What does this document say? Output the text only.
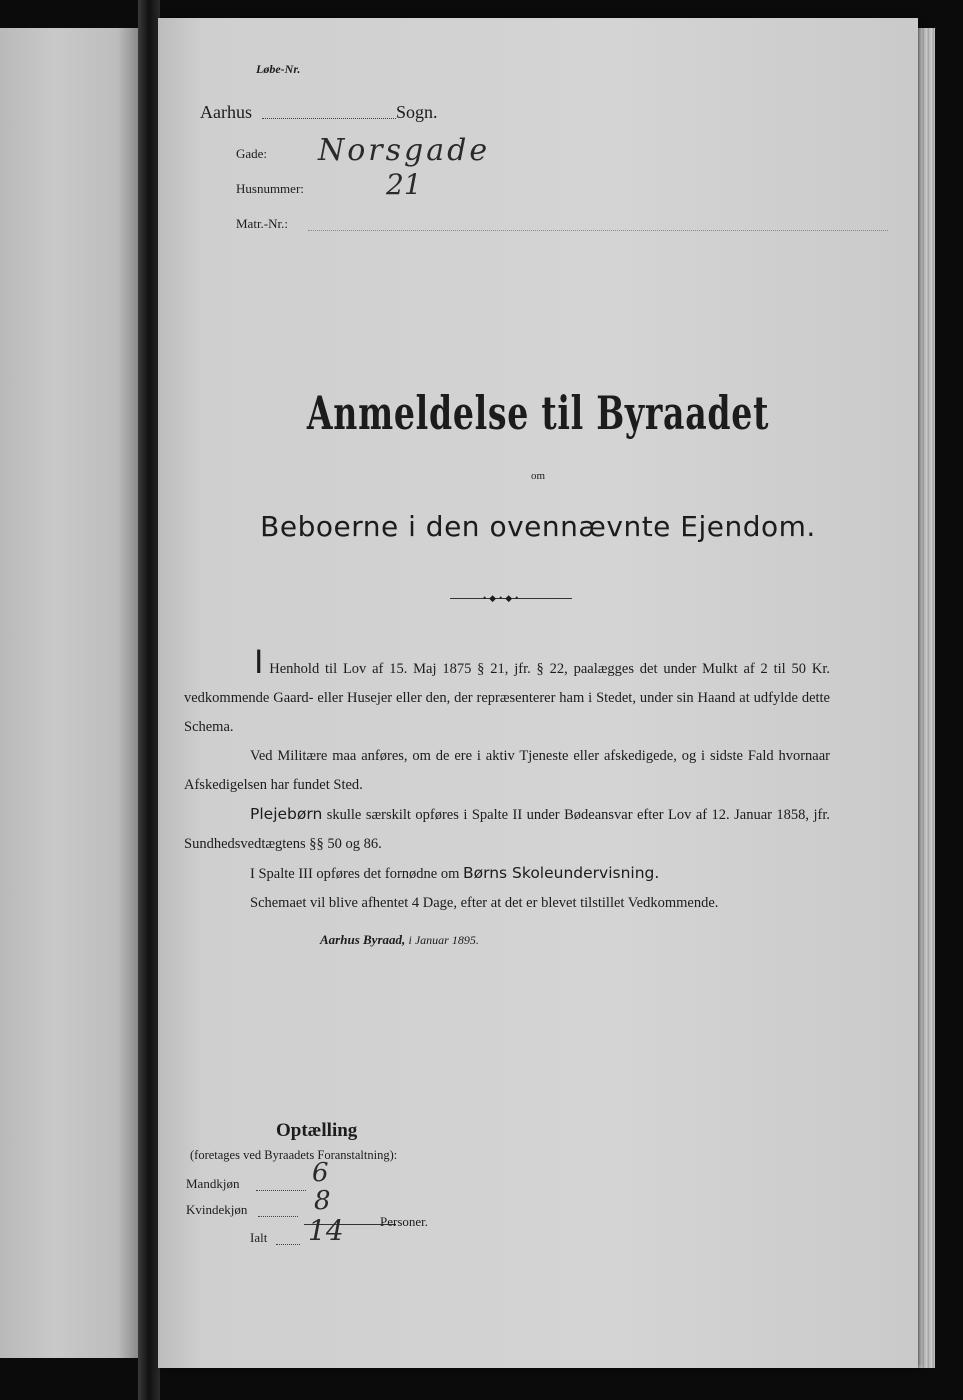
Løbe-Nr.
Aarhus	Sogn.
Gade: Norsgade
Husnummer:	21
Matr.-Nr.:
Anmeldelse til Byraadet
om
Beboerne i den ovennævnte Ejendom.
•◆•◆•

I Henhold til Lov af 15. Maj 1875 § 21, jfr. § 22, paalægges det under Mulkt af 2 til 50 Kr. vedkommende Gaard- eller Husejer eller den, der repræsenterer ham i Stedet, under sin Haand at udfylde dette Schema.

Ved Militære maa anføres, om de ere i aktiv Tjeneste eller afskedigede, og i sidste Fald hvornaar Afskedigelsen har fundet Sted.

Plejebørn skulle særskilt opføres i Spalte II under Bødeansvar efter Lov af 12. Januar 1858, jfr. Sundhedsvedtægtens §§ 50 og 86.

I Spalte III opføres det fornødne om Børns Skoleundervisning.

Schemaet vil blive afhentet 4 Dage, efter at det er blevet tilstillet Vedkommende.

Aarhus Byraad, i Januar 1895.
Optælling
(foretages ved Byraadets Foranstaltning):
Mandkjøn	6
Kvindekjøn	8
Ialt 14	Personer.
